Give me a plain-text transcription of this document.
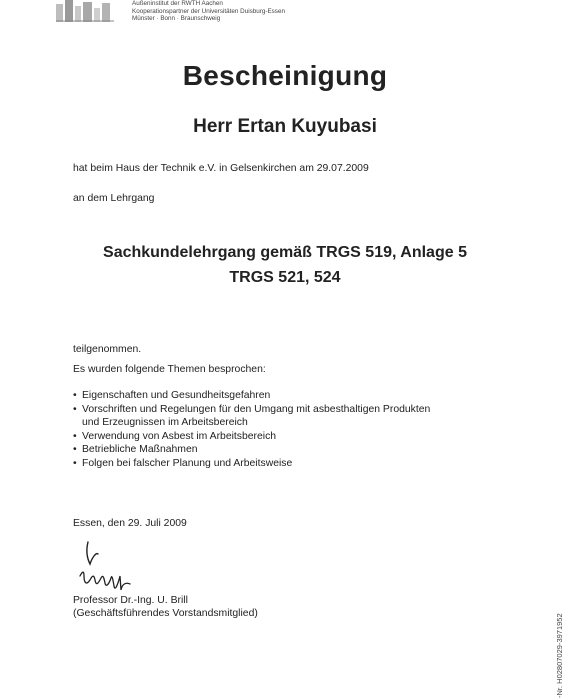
Außeninstitut der RWTH Aachen
Kooperationspartner der Universitäten Duisburg-Essen
Münster · Bonn · Braunschweig
Bescheinigung
Herr Ertan Kuyubasi
hat beim Haus der Technik e.V. in Gelsenkirchen am 29.07.2009
an dem Lehrgang
Sachkundelehrgang gemäß TRGS 519, Anlage 5
TRGS 521, 524
teilgenommen.
Es wurden folgende Themen besprochen:
• Eigenschaften und Gesundheitsgefahren
• Vorschriften und Regelungen für den Umgang mit asbesthaltigen Produkten
und Erzeugnissen im Arbeitsbereich
• Verwendung von Asbest im Arbeitsbereich
• Betriebliche Maßnahmen
• Folgen bei falscher Planung und Arbeitsweise
Essen, den 29. Juli 2009
Professor Dr.-Ing. U. Brill
(Geschäftsführendes Vorstandsmitglied)	-Nr. H02807029-3971952
